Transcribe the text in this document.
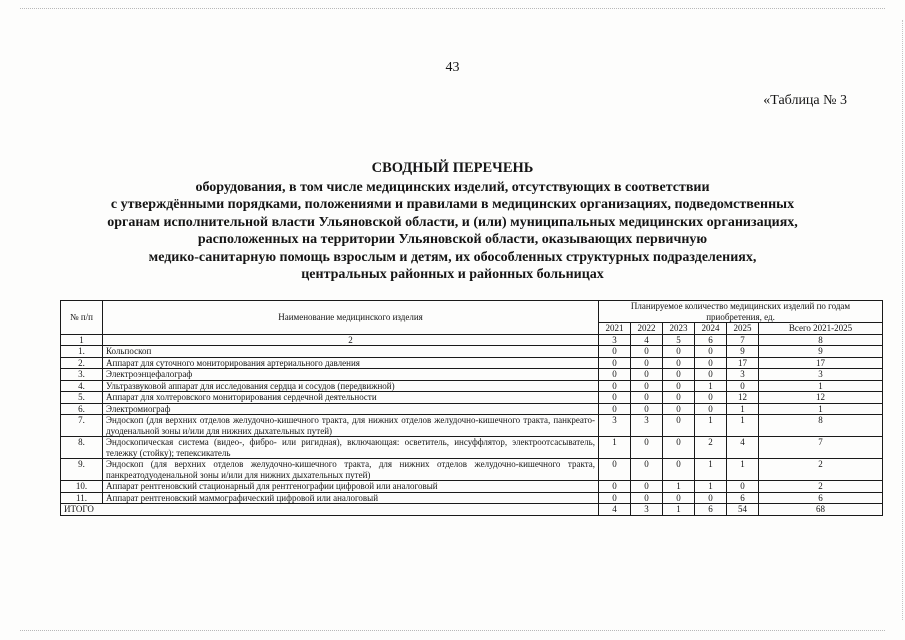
43
«Таблица № 3
СВОДНЫЙ ПЕРЕЧЕНЬ
оборудования, в том числе медицинских изделий, отсутствующих в соответствии
с утверждёнными порядками, положениями и правилами в медицинских организациях, подведомственных
органам исполнительной власти Ульяновской области, и (или) муниципальных медицинских организациях,
расположенных на территории Ульяновской области, оказывающих первичную
медико-санитарную помощь взрослым и детям, их обособленных структурных подразделениях,
центральных районных и районных больницах
№ п/п	Наименование медицинского изделия	Планируемое количество медицинских изделий по годам приобретения, ед.					
		2021	2022	2023	2024	2025	Всего 2021-2025
1	2	3	4	5	6	7	8
1.	Кольпоскоп	0	0	0	0	9	9
2.	Аппарат для суточного мониторирования артериального давления	0	0	0	0	17	17
3.	Электроэнцефалограф	0	0	0	0	3	3
4.	Ультразвуковой аппарат для исследования сердца и сосудов (передвижной)	0	0	0	1	0	1
5.	Аппарат для холтеровского мониторирования сердечной деятельности	0	0	0	0	12	12
6.	Электромиограф	0	0	0	0	1	1
7.	Эндоскоп (для верхних отделов желудочно-кишечного тракта, для нижних отделов желудочно-кишечного тракта, панкреато-дуоденальной зоны и/или для нижних дыхательных путей)	3	3	0	1	1	8
8.	Эндоскопическая система (видео-, фибро- или ригидная), включающая: осветитель, инсуффлятор, электроотсасыватель, тележку (стойку); тепексикатель	1	0	0	2	4	7
9.	Эндоскоп (для верхних отделов желудочно-кишечного тракта, для нижних отделов желудочно-кишечного тракта, панкреатодуоденальной зоны и/или для нижних дыхательных путей)	0	0	0	1	1	2
10.	Аппарат рентгеновский стационарный для рентгенографии цифровой или аналоговый	0	0	1	1	0	2
11.	Аппарат рентгеновский маммографический цифровой или аналоговый	0	0	0	0	6	6
ИТОГО		4	3	1	6	54	68
